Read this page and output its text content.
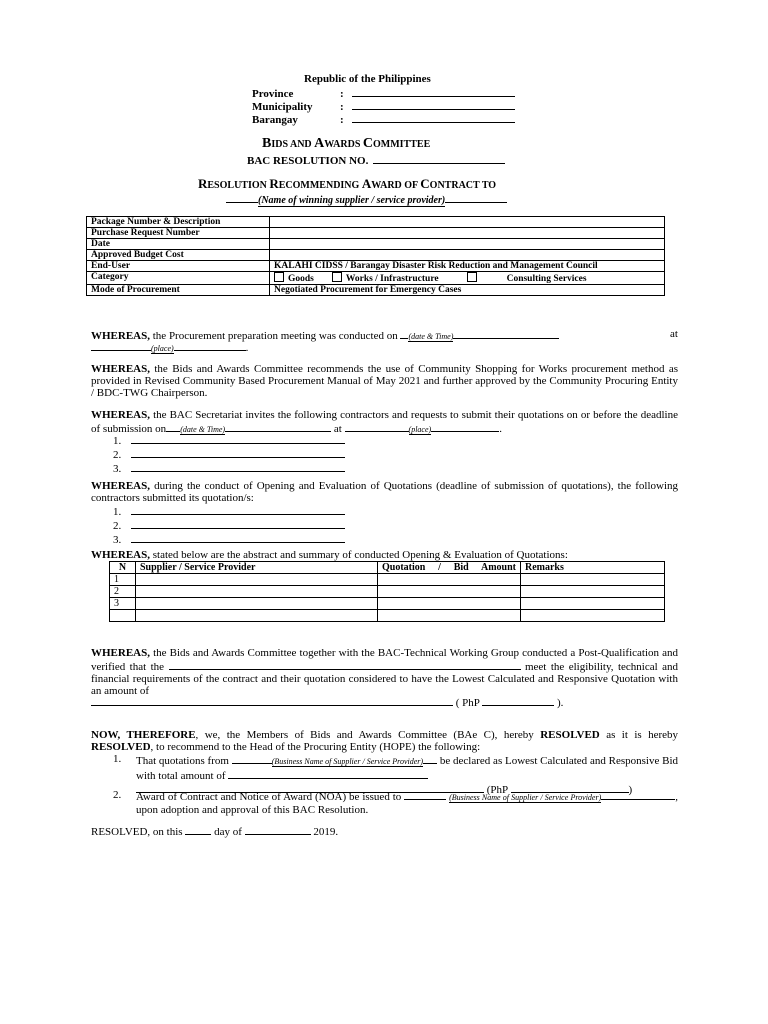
Republic of the Philippines
Province	:
Municipality :
Barangay	:
BIDS AND AWARDS COMMITTEE
BAC RESOLUTION NO.
RESOLUTION RECOMMENDING AWARD OF CONTRACT TO
(Name of winning supplier / service provider)
Package Number & Description	
Purchase Request Number	
Date	
Approved Budget Cost	
End-User	KALAHI CIDSS / Barangay Disaster Risk Reduction and Management Council
Category	Goods Works / Infrastructure Consulting Services
Mode of Procurement	Negotiated Procurement for Emergency Cases
WHEREAS, the Procurement preparation meeting was conducted on (date & Time)	at
(place)	.
WHEREAS, the Bids and Awards Committee recommends the use of Community Shopping for Works procurement method as provided in Revised Community Based Procurement Manual of May 2021 and further approved by the Community Procuring Entity / BDC-TWG Chairperson.
WHEREAS, the BAC Secretariat invites the following contractors and requests to submit their quotations on or before the deadline of submission on (date & Time)	at	(place)	.
1.
2.
3.
WHEREAS, during the conduct of Opening and Evaluation of Quotations (deadline of submission of quotations), the following contractors submitted its quotation/s:
1.
2.
3.
WHEREAS, stated below are the abstract and summary of conducted Opening & Evaluation of Quotations:
N	Supplier / Service Provider	Quotation / Bid Amount	Remarks
1			
2			
3			

WHEREAS, the Bids and Awards Committee together with the BAC-Technical Working Group conducted a Post-Qualification and verified that the	meet the eligibility, technical and financial requirements of the contract and their quotation considered to have the Lowest Calculated and Responsive Quotation with an amount of
( PhP	).
NOW, THEREFORE, we, the Members of Bids and Awards Committee (BAe C), hereby RESOLVED as it is hereby RESOLVED, to recommend to the Head of the Procuring Entity (HOPE) the following:
1. That quotations from	(Business Name of Supplier / Service Provider) be declared as Lowest Calculated and Responsive Bid with total amount of
(PhP	)
2. Award of Contract and Notice of Award (NOA) be issued to	(Business Name of Supplier / Service Provider)	, upon adoption and approval of this BAC Resolution.
RESOLVED, on this	day of	2019.
